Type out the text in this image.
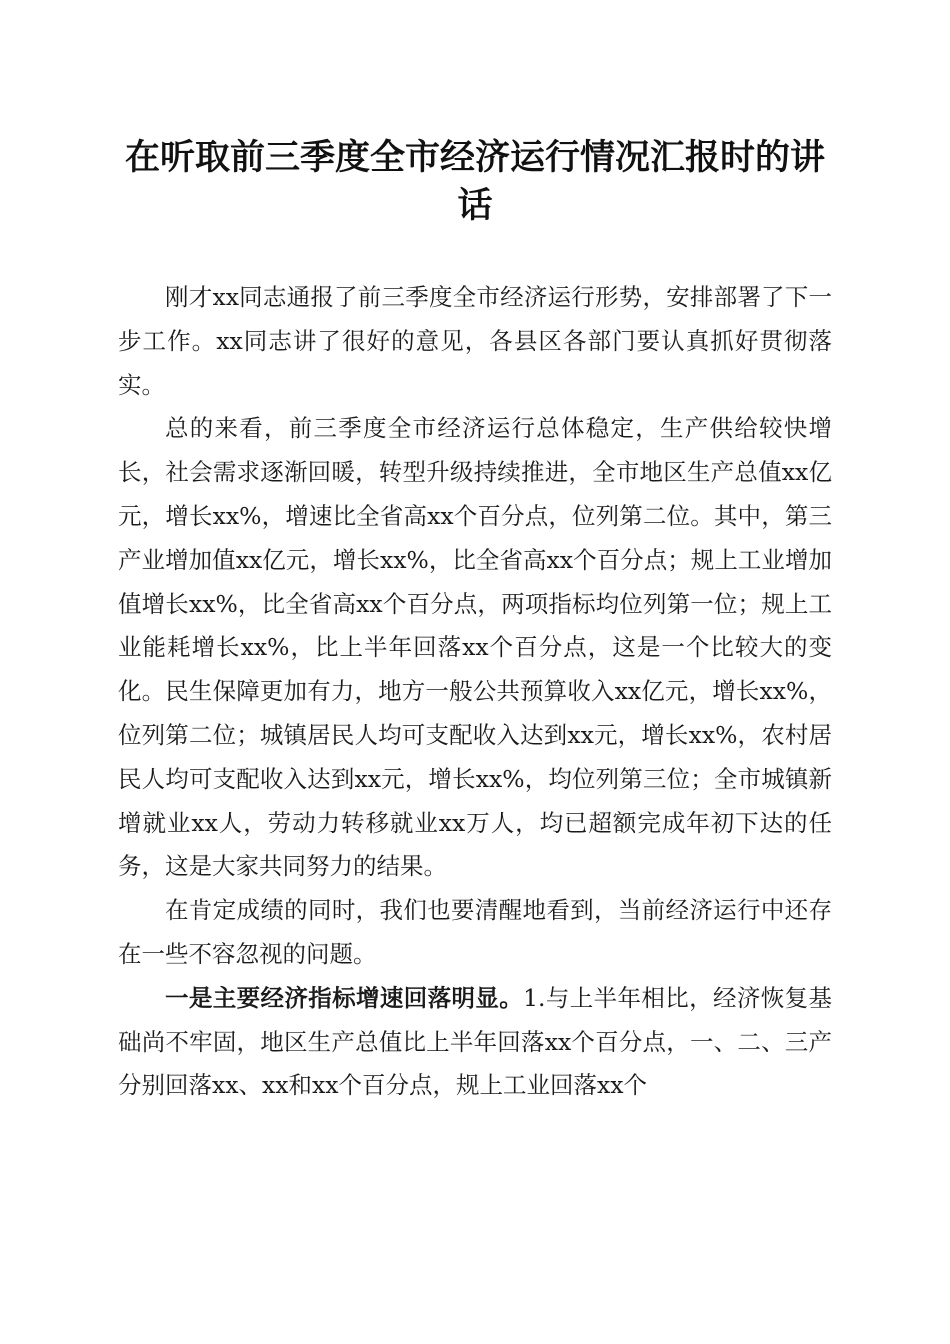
在听取前三季度全市经济运行情况汇报时的讲话

刚才xx同志通报了前三季度全市经济运行形势，安排部署了下一步工作。xx同志讲了很好的意见，各县区各部门要认真抓好贯彻落实。

总的来看，前三季度全市经济运行总体稳定，生产供给较快增长，社会需求逐渐回暖，转型升级持续推进，全市地区生产总值xx亿元，增长xx%，增速比全省高xx个百分点，位列第二位。其中，第三产业增加值xx亿元，增长xx%，比全省高xx个百分点；规上工业增加值增长xx%，比全省高xx个百分点，两项指标均位列第一位；规上工业能耗增长xx%，比上半年回落xx个百分点，这是一个比较大的变化。民生保障更加有力，地方一般公共预算收入xx亿元，增长xx%，位列第二位；城镇居民人均可支配收入达到xx元，增长xx%，农村居民人均可支配收入达到xx元，增长xx%，均位列第三位；全市城镇新增就业xx人，劳动力转移就业xx万人，均已超额完成年初下达的任务，这是大家共同努力的结果。

在肯定成绩的同时，我们也要清醒地看到，当前经济运行中还存在一些不容忽视的问题。

一是主要经济指标增速回落明显。1.与上半年相比，经济恢复基础尚不牢固，地区生产总值比上半年回落xx个百分点，一、二、三产分别回落xx、xx和xx个百分点，规上工业回落xx个
